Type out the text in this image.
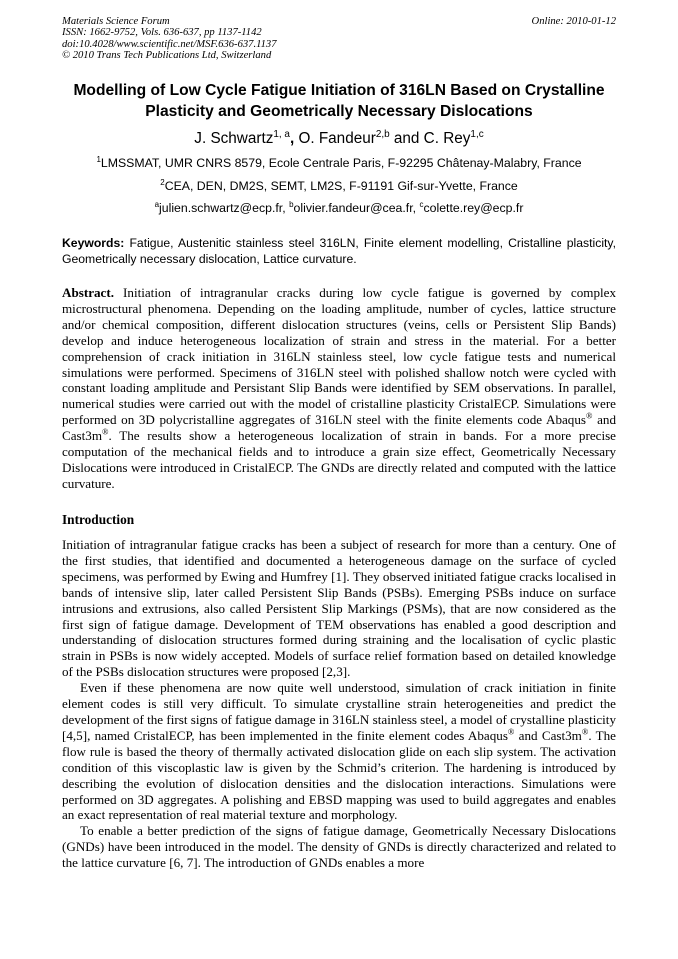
Materials Science Forum
ISSN: 1662-9752, Vols. 636-637, pp 1137-1142
doi:10.4028/www.scientific.net/MSF.636-637.1137
© 2010 Trans Tech Publications Ltd, Switzerland
Online: 2010-01-12
Modelling of Low Cycle Fatigue Initiation of 316LN Based on Crystalline
Plasticity and Geometrically Necessary Dislocations
J. Schwartz$^{1, a}$, O. Fandeur$^{2,b}$ and C. Rey$^{1,c}$
$^1$LMSSMAT, UMR CNRS 8579, Ecole Centrale Paris, F-92295 Châtenay-Malabry, France
$^2$CEA, DEN, DM2S, SEMT, LM2S, F-91191 Gif-sur-Yvette, France
$^a$julien.schwartz@ecp.fr, $^b$olivier.fandeur@cea.fr, $^c$colette.rey@ecp.fr
Keywords: Fatigue, Austenitic stainless steel 316LN, Finite element modelling, Cristalline plasticity, Geometrically necessary dislocation, Lattice curvature.

Abstract. Initiation of intragranular cracks during low cycle fatigue is governed by complex microstructural phenomena. Depending on the loading amplitude, number of cycles, lattice structure and/or chemical composition, different dislocation structures (veins, cells or Persistent Slip Bands) develop and induce heterogeneous localization of strain and stress in the material. For a better comprehension of crack initiation in 316LN stainless steel, low cycle fatigue tests and numerical simulations were performed. Specimens of 316LN steel with polished shallow notch were cycled with constant loading amplitude and Persistant Slip Bands were identified by SEM observations. In parallel, numerical studies were carried out with the model of cristalline plasticity CristalECP. Simulations were performed on 3D polycristalline aggregates of 316LN steel with the finite elements code Abaqus® and Cast3m®. The results show a heterogeneous localization of strain in bands. For a more precise computation of the mechanical fields and to introduce a grain size effect, Geometrically Necessary Dislocations were introduced in CristalECP. The GNDs are directly related and computed with the lattice curvature.

Introduction

Initiation of intragranular fatigue cracks has been a subject of research for more than a century. One of the first studies, that identified and documented a heterogeneous damage on the surface of cycled specimens, was performed by Ewing and Humfrey [1]. They observed initiated fatigue cracks localised in bands of intensive slip, later called Persistent Slip Bands (PSBs). Emerging PSBs induce on surface intrusions and extrusions, also called Persistent Slip Markings (PSMs), that are now considered as the first sign of fatigue damage. Development of TEM observations has enabled a good description and understanding of dislocation structures formed during straining and the localisation of cyclic plastic strain in PSBs is now widely accepted. Models of surface relief formation based on detailed knowledge of the PSBs dislocation structures were proposed [2,3].

Even if these phenomena are now quite well understood, simulation of crack initiation in finite element codes is still very difficult. To simulate crystalline strain heterogeneities and predict the development of the first signs of fatigue damage in 316LN stainless steel, a model of crystalline plasticity [4,5], named CristalECP, has been implemented in the finite element codes Abaqus® and Cast3m®. The flow rule is based the theory of thermally activated dislocation glide on each slip system. The activation condition of this viscoplastic law is given by the Schmid’s criterion. The hardening is introduced by describing the evolution of dislocation densities and the dislocation interactions. Simulations were performed on 3D aggregates. A polishing and EBSD mapping was used to build aggregates and enables an exact representation of real material texture and morphology.

To enable a better prediction of the signs of fatigue damage, Geometrically Necessary Dislocations (GNDs) have been introduced in the model. The density of GNDs is directly characterized and related to the lattice curvature [6, 7]. The introduction of GNDs enables a more
